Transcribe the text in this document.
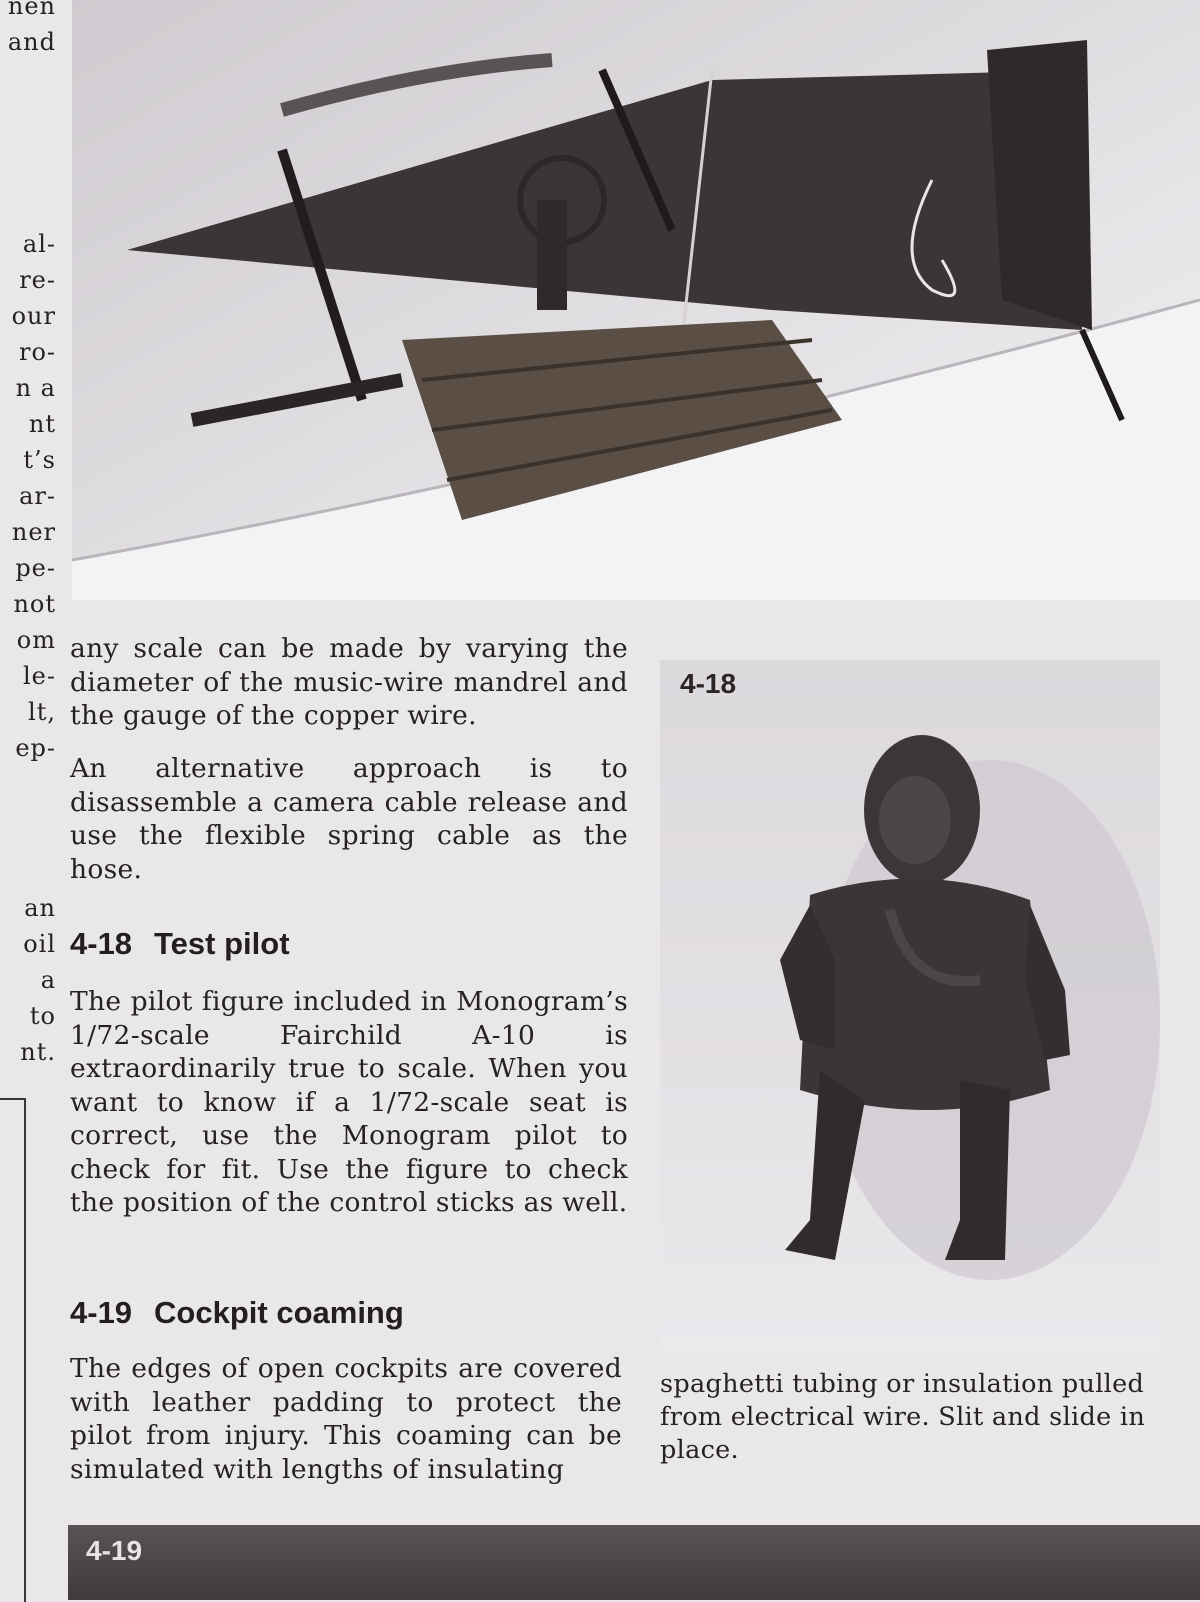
nen
and
al-
re-
our
ro-
n a
nt
t’s
ar-
ner
pe-
not
om
le-
lt,
ep-
an
oil
a
to
nt.
any scale can be made by varying the diameter of the music-wire mandrel and the gauge of the copper wire.
An alternative approach is to disassemble a camera cable release and use the flexible spring cable as the hose.
4-18 Test pilot
The pilot figure included in Monogram’s 1/72-scale Fairchild A-10 is extraordinarily true to scale. When you want to know if a 1/72-scale seat is correct, use the Monogram pilot to check for fit. Use the figure to check the position of the control sticks as well.
4-19 Cockpit coaming
The edges of open cockpits are covered with leather padding to protect the pilot from injury. This coaming can be simulated with lengths of insulating
4-18
spaghetti tubing or insulation pulled from electrical wire. Slit and slide in place.
4-19
